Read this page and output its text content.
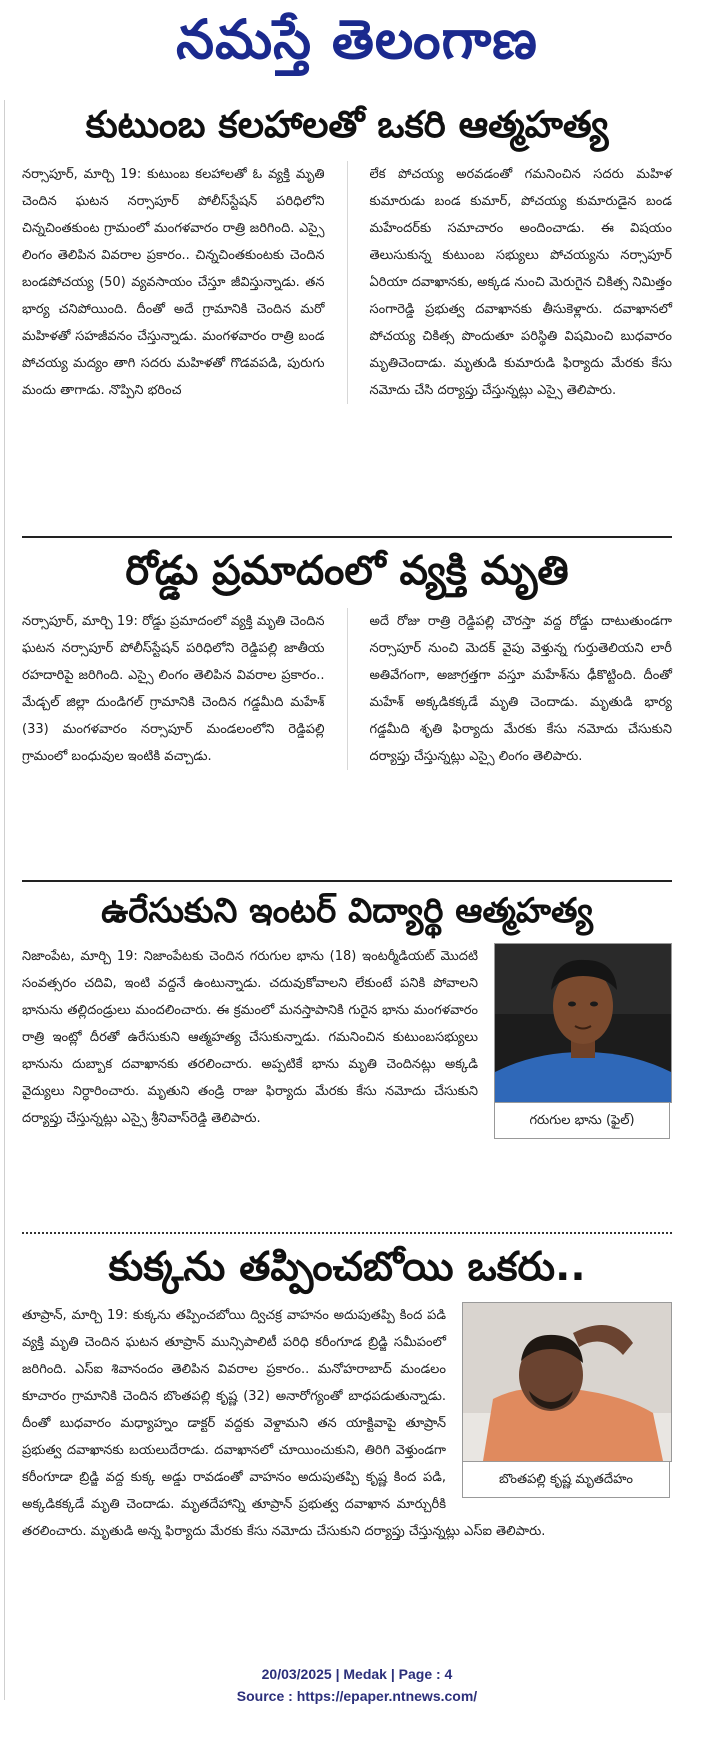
నమస్తే తెలంగాణ
కుటుంబ కలహాలతో ఒకరి ఆత్మహత్య
నర్సాపూర్, మార్చి 19: కుటుంబ కలహాలతో ఓ వ్యక్తి మృతి చెందిన ఘటన నర్సాపూర్ పోలీస్‌స్టేషన్ పరిధిలోని చిన్నచింతకుంట గ్రామంలో మంగళవారం రాత్రి జరిగింది. ఎస్సై లింగం తెలిపిన వివరాల ప్రకారం.. చిన్నచింతకుంటకు చెందిన బండపోచయ్య (50) వ్యవసాయం చేస్తూ జీవిస్తున్నాడు. తన భార్య చనిపోయింది. దీంతో అదే గ్రామానికి చెందిన మరో మహిళతో సహజీవనం చేస్తున్నాడు. మంగళవారం రాత్రి బండ పోచయ్య మద్యం తాగి సదరు మహిళతో గొడవపడి, పురుగు మందు తాగాడు. నొప్పిని భరించ
లేక పోచయ్య అరవడంతో గమనించిన సదరు మహిళ కుమారుడు బండ కుమార్, పోచయ్య కుమారుడైన బండ మహేందర్‌కు సమాచారం అందించాడు. ఈ విషయం తెలుసుకున్న కుటుంబ సభ్యులు పోచయ్యను నర్సాపూర్ ఏరియా దవాఖానకు, అక్కడ నుంచి మెరుగైన చికిత్స నిమిత్తం సంగారెడ్డి ప్రభుత్వ దవాఖానకు తీసుకెళ్లారు. దవాఖానలో పోచయ్య చికిత్స పొందుతూ పరిస్థితి విషమించి బుధవారం మృతిచెందాడు. మృతుడి కుమారుడి ఫిర్యాదు మేరకు కేసు నమోదు చేసి దర్యాప్తు చేస్తున్నట్లు ఎస్సై తెలిపారు.
రోడ్డు ప్రమాదంలో వ్యక్తి మృతి
నర్సాపూర్, మార్చి 19: రోడ్డు ప్రమాదంలో వ్యక్తి మృతి చెందిన ఘటన నర్సాపూర్ పోలీస్‌స్టేషన్ పరిధిలోని రెడ్డిపల్లి జాతీయ రహదారిపై జరిగింది. ఎస్సై లింగం తెలిపిన వివరాల ప్రకారం.. మేడ్చల్ జిల్లా దుండిగల్ గ్రామానికి చెందిన గడ్డమీది మహేశ్ (33) మంగళవారం నర్సాపూర్ మండలంలోని రెడ్డిపల్లి గ్రామంలో బంధువుల ఇంటికి వచ్చాడు.
అదే రోజు రాత్రి రెడ్డిపల్లి చౌరస్తా వద్ద రోడ్డు దాటుతుండగా నర్సాపూర్ నుంచి మెదక్ వైపు వెళ్తున్న గుర్తుతెలియని లారీ అతివేగంగా, అజాగ్రత్తగా వస్తూ మహేశ్‌ను ఢీకొట్టింది. దీంతో మహేశ్ అక్కడికక్కడే మృతి చెందాడు. మృతుడి భార్య గడ్డమీది శృతి ఫిర్యాదు మేరకు కేసు నమోదు చేసుకుని దర్యాప్తు చేస్తున్నట్లు ఎస్సై లింగం తెలిపారు.
ఉరేసుకుని ఇంటర్ విద్యార్థి ఆత్మహత్య
గరుగుల భాను (ఫైల్)
నిజాంపేట, మార్చి 19: నిజాంపేటకు చెందిన గరుగుల భాను (18) ఇంటర్మీడియట్ మొదటి సంవత్సరం చదివి, ఇంటి వద్దనే ఉంటున్నాడు. చదువుకోవాలని లేకుంటే పనికి పోవాలని భానును తల్లిదండ్రులు మందలించారు. ఈ క్రమంలో మనస్తాపానికి గురైన భాను మంగళవారం రాత్రి ఇంట్లో దీరతో ఉరేసుకుని ఆత్మహత్య చేసుకున్నాడు. గమనించిన కుటుంబసభ్యులు భానును దుబ్బాక దవాఖానకు తరలించారు. అప్పటికే భాను మృతి చెందినట్లు అక్కడి వైద్యులు నిర్ధారించారు. మృతుని తండ్రి రాజు ఫిర్యాదు మేరకు కేసు నమోదు చేసుకుని దర్యాప్తు చేస్తున్నట్లు ఎస్సై శ్రీనివాస్‌రెడ్డి తెలిపారు.
కుక్కను తప్పించబోయి ఒకరు..
బొంతపల్లి కృష్ణ మృతదేహం
తూప్రాన్, మార్చి 19: కుక్కను తప్పించబోయి ద్విచక్ర వాహనం అదుపుతప్పి కింద పడి వ్యక్తి మృతి చెందిన ఘటన తూప్రాన్ మున్సిపాలిటీ పరిధి కరీంగూడ బ్రిడ్జి సమీపంలో జరిగింది. ఎస్ఐ శివానందం తెలిపిన వివరాల ప్రకారం.. మనోహరాబాద్ మండలం కూచారం గ్రామానికి చెందిన బొంతపల్లి కృష్ణ (32) అనారోగ్యంతో బాధపడుతున్నాడు. దీంతో బుధవారం మధ్యాహ్నం డాక్టర్ వద్దకు వెళ్దామని తన యాక్టివాపై తూప్రాన్ ప్రభుత్వ దవాఖానకు బయలుదేరాడు. దవాఖానలో చూయించుకుని, తిరిగి వెళ్తుండగా కరీంగూడా బ్రిడ్జి వద్ద కుక్క అడ్డు రావడంతో వాహనం అదుపుతప్పి కృష్ణ కింద పడి, అక్కడికక్కడే మృతి చెందాడు. మృతదేహాన్ని తూప్రాన్ ప్రభుత్వ దవాఖాన మార్చురీకి తరలించారు. మృతుడి అన్న ఫిర్యాదు మేరకు కేసు నమోదు చేసుకుని దర్యాప్తు చేస్తున్నట్లు ఎస్ఐ తెలిపారు.
20/03/2025 | Medak | Page : 4
Source : https://epaper.ntnews.com/
